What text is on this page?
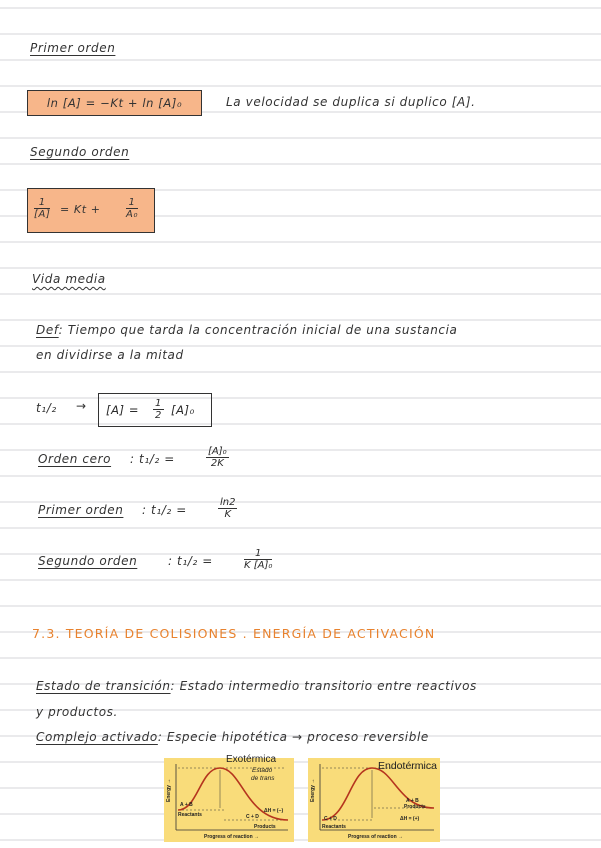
Primer orden
ln [A] = −Kt + ln [A]₀	La velocidad se duplica si duplico [A].
Segundo orden
$\frac{1}{[A]} = Kt$ +	$\frac{1}{\text{A₀}}$
Vida media
Def: Tiempo que tarda la concentración inicial de una sustancia
en dividirse a la mitad
$t_1/_2 \to [A] = \frac{1}{2} [A]_0$
Orden cero : t₁/₂ =	$\frac{\text{[A]₀}}{2K}$
Primer orden : t₁/₂ =	$\frac{\ln 2}{K}$
Segundo orden	: t₁/₂ =	$\frac{1}{\text{K [A]₀}}$
7.3. TEORÍA DE COLISIONES . ENERGÍA DE ACTIVACIÓN
Estado de transición: Estado intermedio transitorio entre reactivos
y productos.
Complejo activado: Especie hipotética → proceso reversible
Exotérmica
Estado
de trans
Energy →
A + B
Reactants	C + D
Products
ΔH = (−)
Progress of reaction →
Endotérmica
Energy →
C + D
Reactants
A + B
Products
ΔH = (+)
Progress of reaction →
